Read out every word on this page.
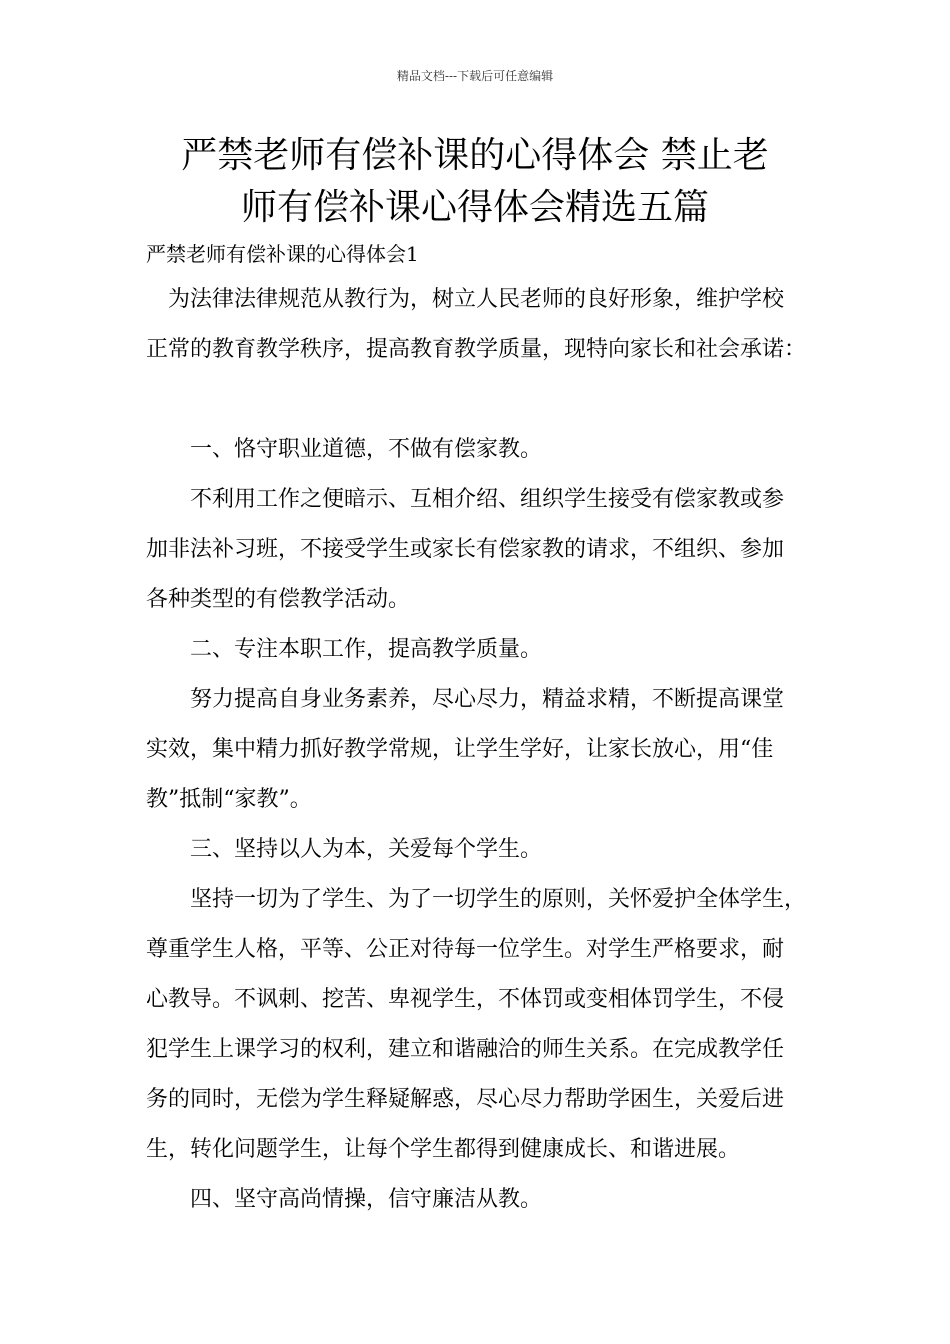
精品文档---下载后可任意编辑
严禁老师有偿补课的心得体会 禁止老
师有偿补课心得体会精选五篇
严禁老师有偿补课的心得体会1
为法律法律规范从教行为，树立人民老师的良好形象，维护学校
正常的教育教学秩序，提高教育教学质量，现特向家长和社会承诺：
一、恪守职业道德，不做有偿家教。
不利用工作之便暗示、互相介绍、组织学生接受有偿家教或参
加非法补习班，不接受学生或家长有偿家教的请求，不组织、参加
各种类型的有偿教学活动。
二、专注本职工作，提高教学质量。
努力提高自身业务素养，尽心尽力，精益求精，不断提高课堂
实效，集中精力抓好教学常规，让学生学好，让家长放心，用“佳
教”抵制“家教”。
三、坚持以人为本，关爱每个学生。
坚持一切为了学生、为了一切学生的原则，关怀爱护全体学生，
尊重学生人格，平等、公正对待每一位学生。对学生严格要求，耐
心教导。不讽刺、挖苦、卑视学生，不体罚或变相体罚学生，不侵
犯学生上课学习的权利，建立和谐融洽的师生关系。在完成教学任
务的同时，无偿为学生释疑解惑，尽心尽力帮助学困生，关爱后进
生，转化问题学生，让每个学生都得到健康成长、和谐进展。
四、坚守高尚情操，信守廉洁从教。
